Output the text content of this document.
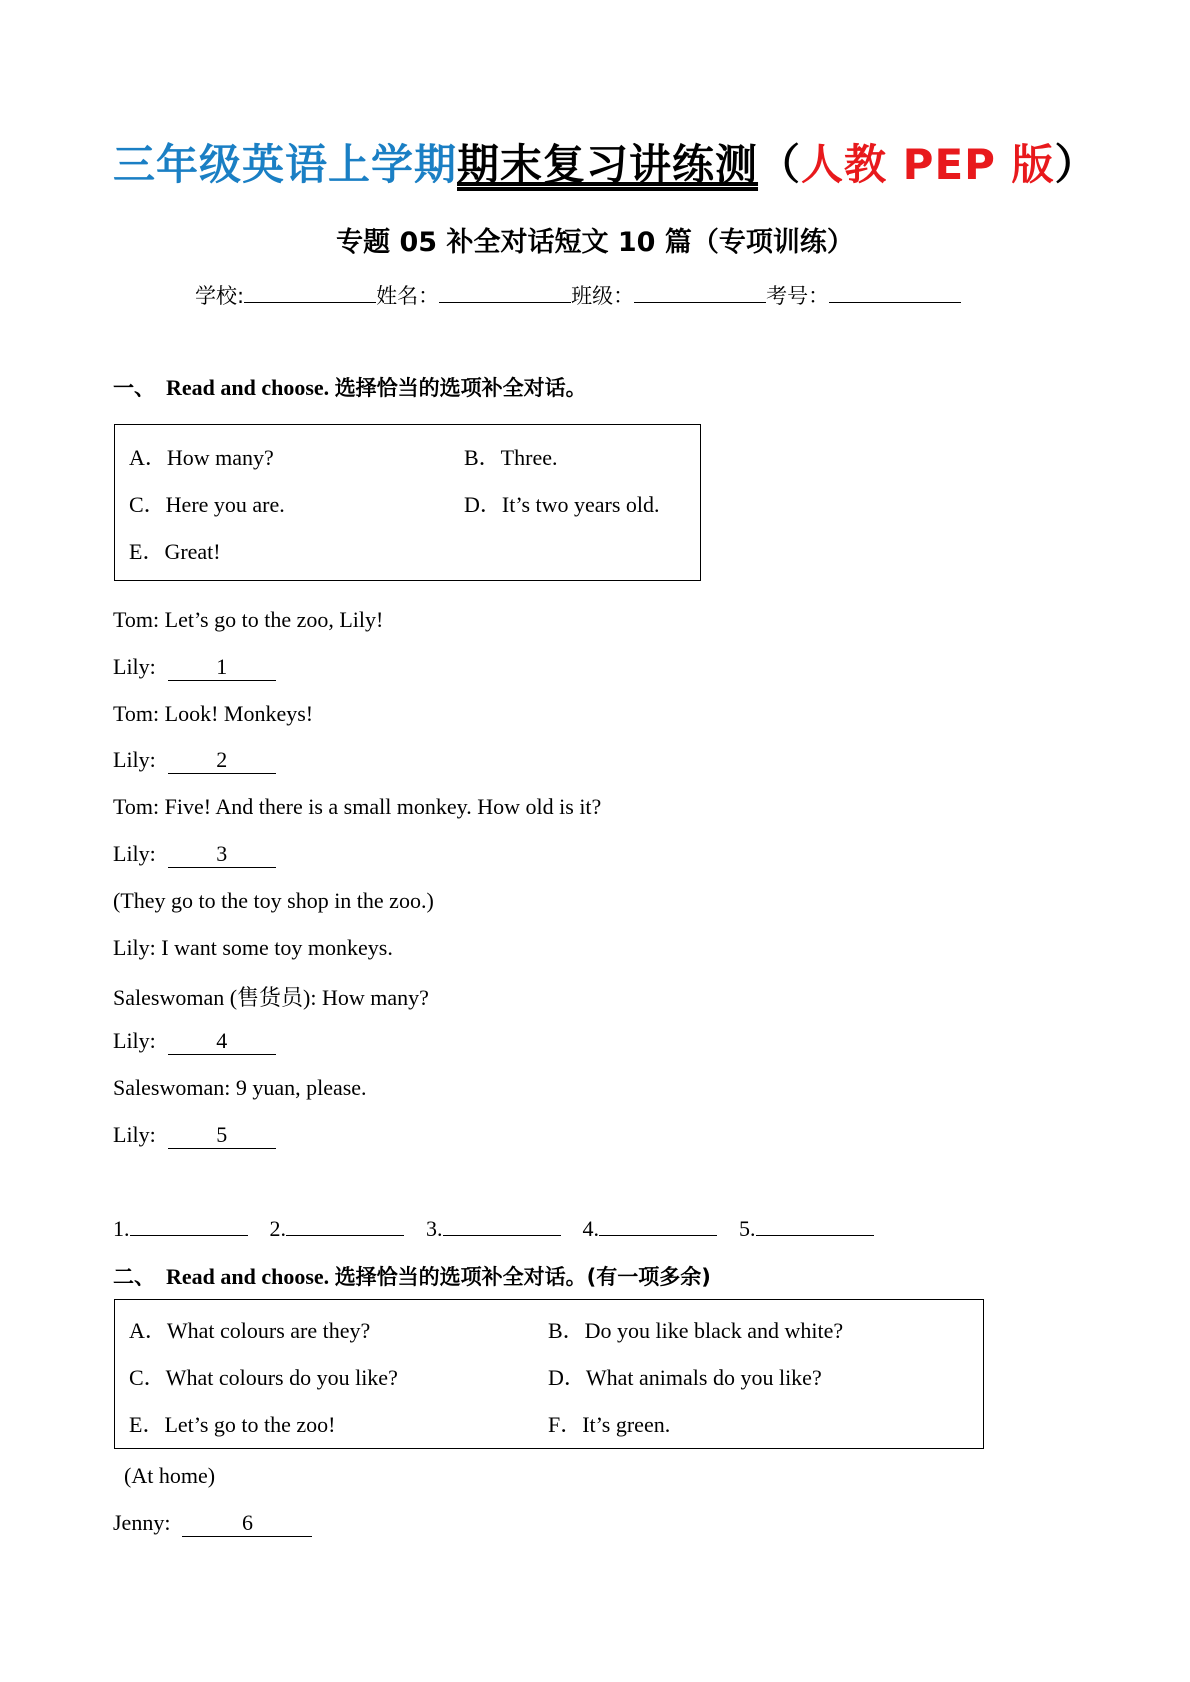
三年级英语上学期期末复习讲练测（人教 PEP 版）
专题 05 补全对话短文 10 篇（专项训练）
学校:	姓名：	班级：	考号：
一、 Read and choose. 选择恰当的选项补全对话。
A．How many?	B．Three.
C．Here you are.	D．It’s two years old.
E．Great!
Tom: Let’s go to the zoo, Lily!
Lily:	1
Tom: Look! Monkeys!
Lily:	2
Tom: Five! And there is a small monkey. How old is it?
Lily:	3
(They go to the toy shop in the zoo.)
Lily: I want some toy monkeys.
Saleswoman (售货员): How many?
Lily:	4
Saleswoman: 9 yuan, please.
Lily:	5
1.	2.	3.	4.	5.
二、 Read and choose. 选择恰当的选项补全对话。(有一项多余)
A．What colours are they?	B．Do you like black and white?
C．What colours do you like?	D．What animals do you like?
E．Let’s go to the zoo!	F．It’s green.
(At home)
Jenny:	6
